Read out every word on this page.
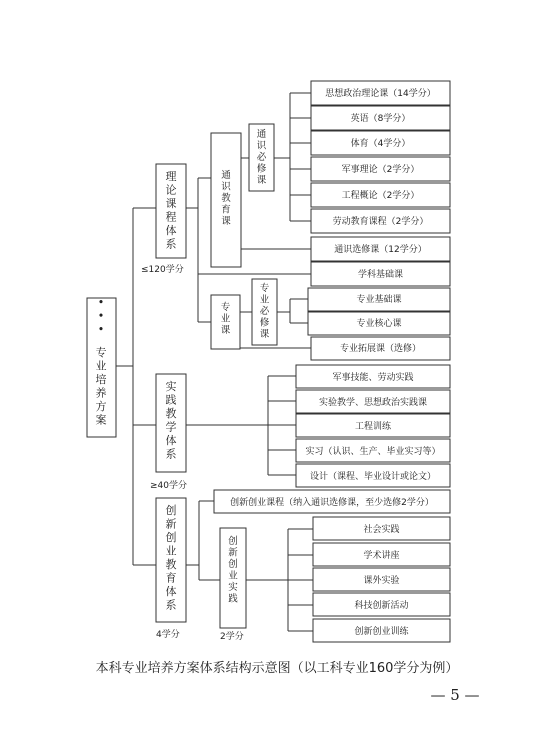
• • •
专业培养方案
理论课程体系
≤120学分
实践教学体系
≥40学分
创新创业教育体系
4学分
通识教育课
通识必修课
思想政治理论课（14学分）
英语（8学分）
体育（4学分）
军事理论（2学分）
工程概论（2学分）
劳动教育课程（2学分）
通识选修课（12学分）
学科基础课
专业课
专业必修课
专业基础课
专业核心课
专业拓展课（选修）
军事技能、劳动实践
实验教学、思想政治实践课
工程训练
实习（认识、生产、毕业实习等）
设计（课程、毕业设计或论文）
创新创业课程（纳入通识选修课，至少选修2学分）
创新创业实践
2学分
社会实践
学术讲座
课外实验
科技创新活动
创新创业训练
本科专业培养方案体系结构示意图（以工科专业160学分为例）
— 5 —
